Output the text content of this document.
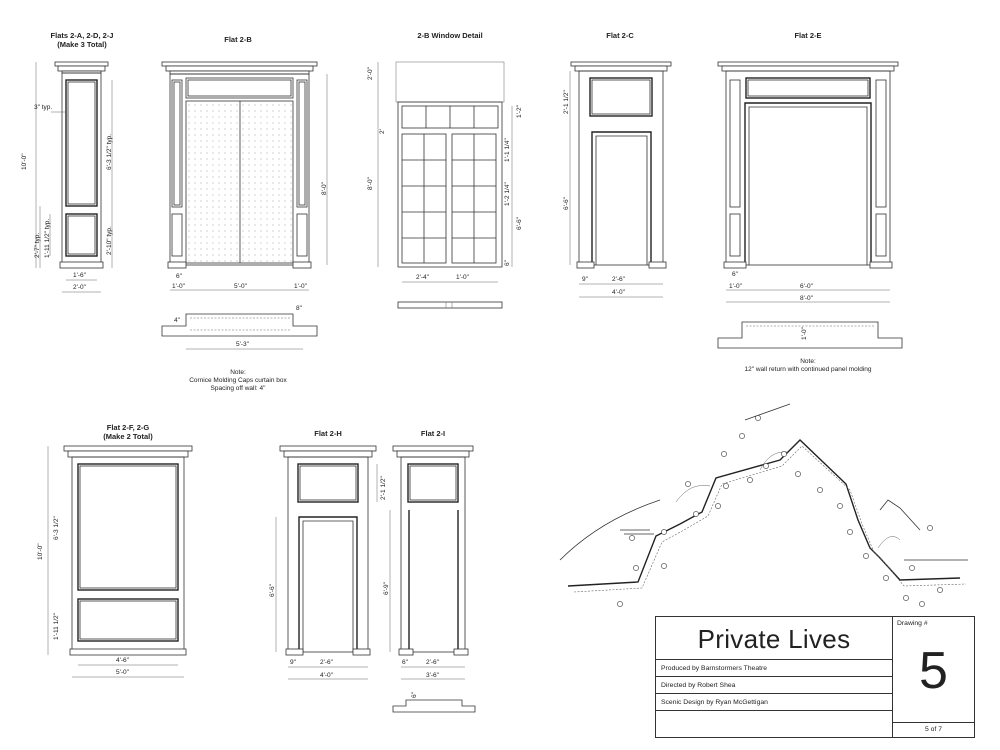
Flats 2-A, 2-D, 2-J
(Make 3 Total)
10'-0"
3" typ.
6'-3 1/2" typ.
2'-7" typ. 1'-11 1/2" typ.	2'-10" typ.
1'-6"
2'-0"
Flat 2-B
8'-0"
6"
1'-0"	5'-0"	1'-0"
8"
4"
5'-3"
Note:
Cornice Molding Caps curtain box
Spacing off wall: 4"
2-B Window Detail
2'-0"
2'
8'-0"
1'-2"
1'-1 1/4"
1'-2 1/4"
6'-6"
6"
2'-4"	1'-0"
Flat 2-C
2'-1 1/2"
6'-6"
9"	2'-6"
4'-0"
Flat 2-E
6"
1'-0"	6'-0"
8'-0"
1'-0"
Note:
12" wall return with continued panel molding
Flat 2-F, 2-G
(Make 2 Total)
10'-0"
6'-3 1/2"
1'-11 1/2"
4'-6"
5'-0"
Flat 2-H
6'-6"
2'-1 1/2"
9"	2'-6"
4'-0"
Flat 2-I
6'-9"
6"	2'-6"
3'-6"
6"
Private Lives
Produced by Barnstormers Theatre
Directed by Robert Shea
Scenic Design by Ryan McGettigan
Drawing #
5
5 of 7
